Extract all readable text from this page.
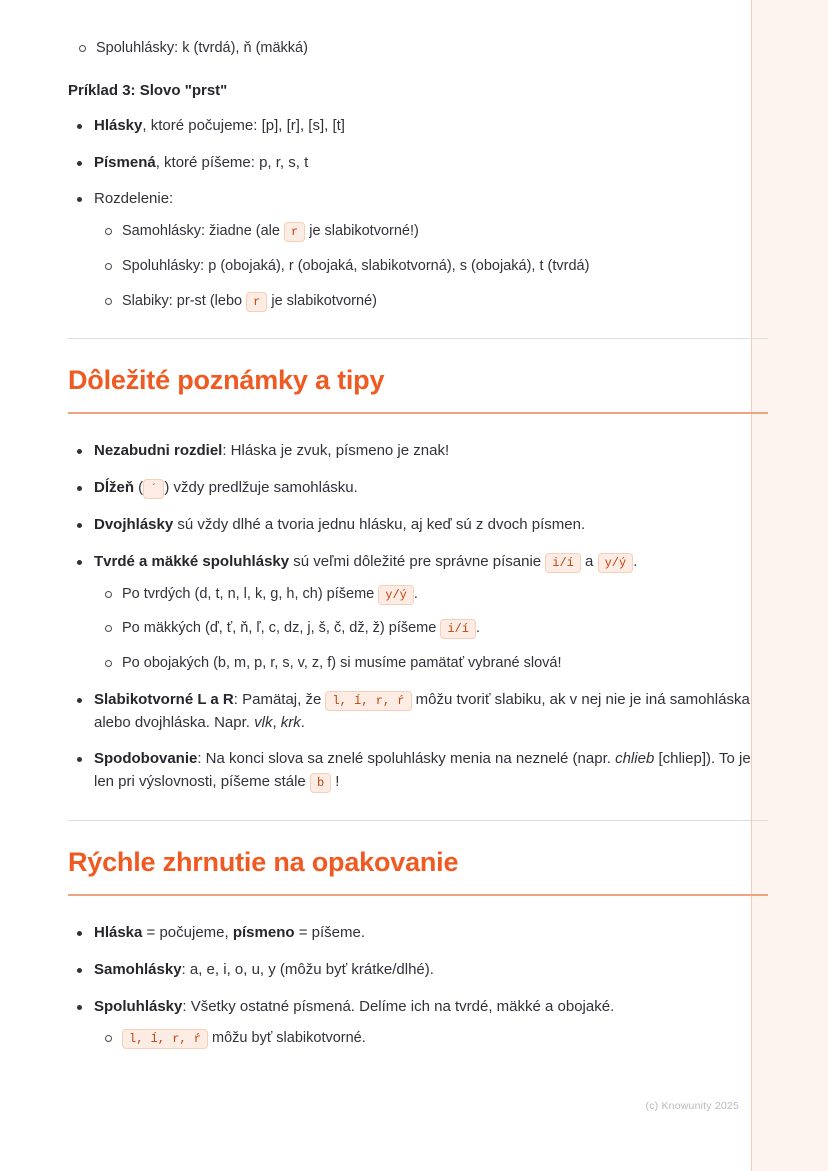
Spoluhlásky: k (tvrdá), ň (mäkká)
Príklad 3: Slovo "prst"
Hlásky, ktoré počujeme: [p], [r], [s], [t]
Písmená, ktoré píšeme: p, r, s, t
Rozdelenie:
Samohlásky: žiadne (ale r je slabikotvorné!)
Spoluhlásky: p (obojaká), r (obojaká, slabikotvorná), s (obojaká), t (tvrdá)
Slabiky: pr-st (lebo r je slabikotvorné)
Dôležité poznámky a tipy
Nezabudni rozdiel: Hláska je zvuk, písmeno je znak!
Dĺžeň ( ´ ) vždy predlžuje samohlásku.
Dvojhlásky sú vždy dlhé a tvoria jednu hlásku, aj keď sú z dvoch písmen.
Tvrdé a mäkké spoluhlásky sú veľmi dôležité pre správne písanie i/í a y/ý .
Po tvrdých (d, t, n, l, k, g, h, ch) píšeme y/ý .
Po mäkkých (ď, ť, ň, ľ, c, dz, j, š, č, dž, ž) píšeme i/í .
Po obojakých (b, m, p, r, s, v, z, f) si musíme pamätať vybrané slová!
Slabikotvorné L a R: Pamätaj, že l, ĺ, r, ŕ môžu tvoriť slabiku, ak v nej nie je iná samohláska alebo dvojhláska. Napr. vlk, krk.
Spodobovanie: Na konci slova sa znelé spoluhlásky menia na neznelé (napr. chlieb [chliep]). To je len pri výslovnosti, píšeme stále b !
Rýchle zhrnutie na opakovanie
Hláska = počujeme, písmeno = píšeme.
Samohlásky: a, e, i, o, u, y (môžu byť krátke/dlhé).
Spoluhlásky: Všetky ostatné písmená. Delíme ich na tvrdé, mäkké a obojaké.
l, ĺ, r, ŕ môžu byť slabikotvorné.
(c) Knowunity 2025
